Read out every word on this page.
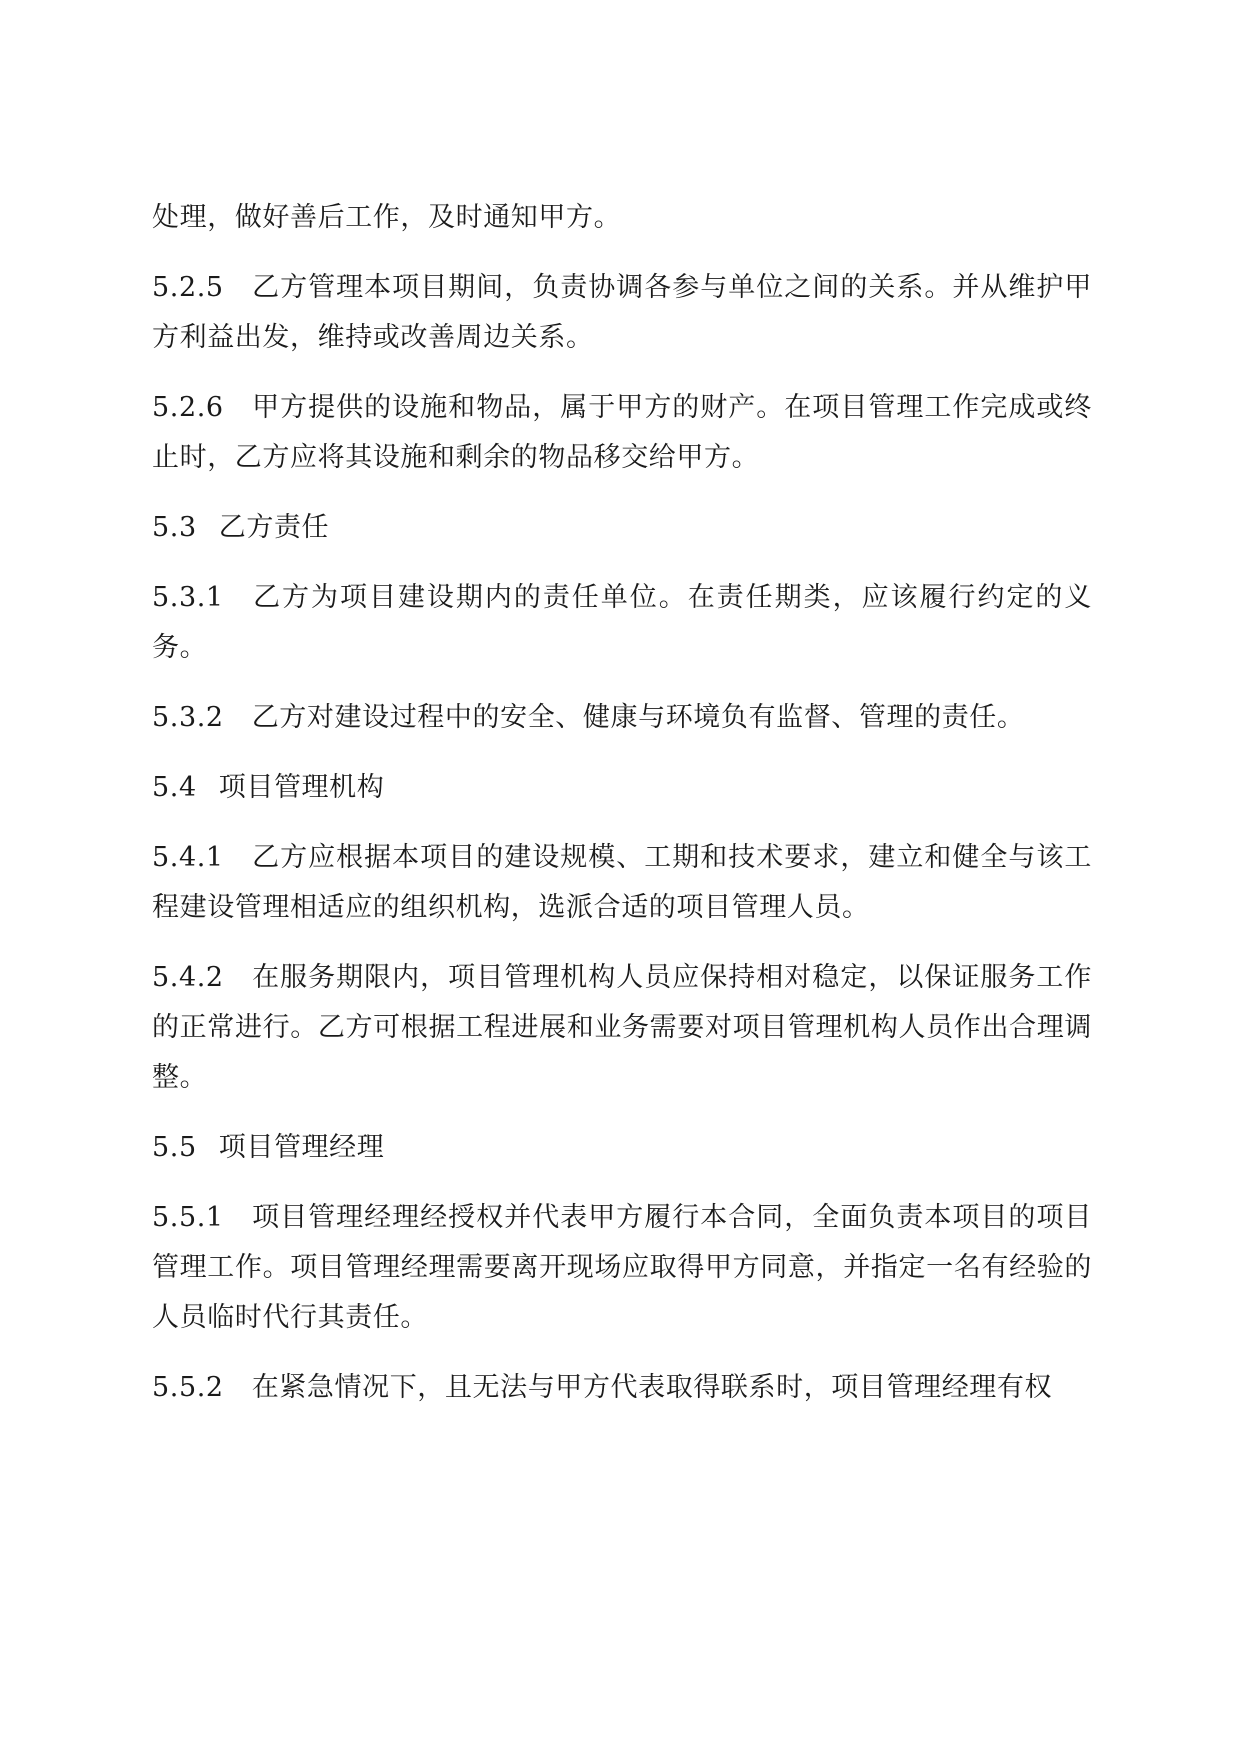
处理，做好善后工作，及时通知甲方。

5.2.5 乙方管理本项目期间，负责协调各参与单位之间的关系。并从维护甲方利益出发，维持或改善周边关系。

5.2.6 甲方提供的设施和物品，属于甲方的财产。在项目管理工作完成或终止时，乙方应将其设施和剩余的物品移交给甲方。

5.3 乙方责任

5.3.1 乙方为项目建设期内的责任单位。在责任期类，应该履行约定的义务。

5.3.2 乙方对建设过程中的安全、健康与环境负有监督、管理的责任。

5.4 项目管理机构

5.4.1 乙方应根据本项目的建设规模、工期和技术要求，建立和健全与该工程建设管理相适应的组织机构，选派合适的项目管理人员。

5.4.2 在服务期限内，项目管理机构人员应保持相对稳定，以保证服务工作的正常进行。乙方可根据工程进展和业务需要对项目管理机构人员作出合理调整。

5.5 项目管理经理

5.5.1 项目管理经理经授权并代表甲方履行本合同，全面负责本项目的项目管理工作。项目管理经理需要离开现场应取得甲方同意，并指定一名有经验的人员临时代行其责任。

5.5.2 在紧急情况下，且无法与甲方代表取得联系时，项目管理经理有权
